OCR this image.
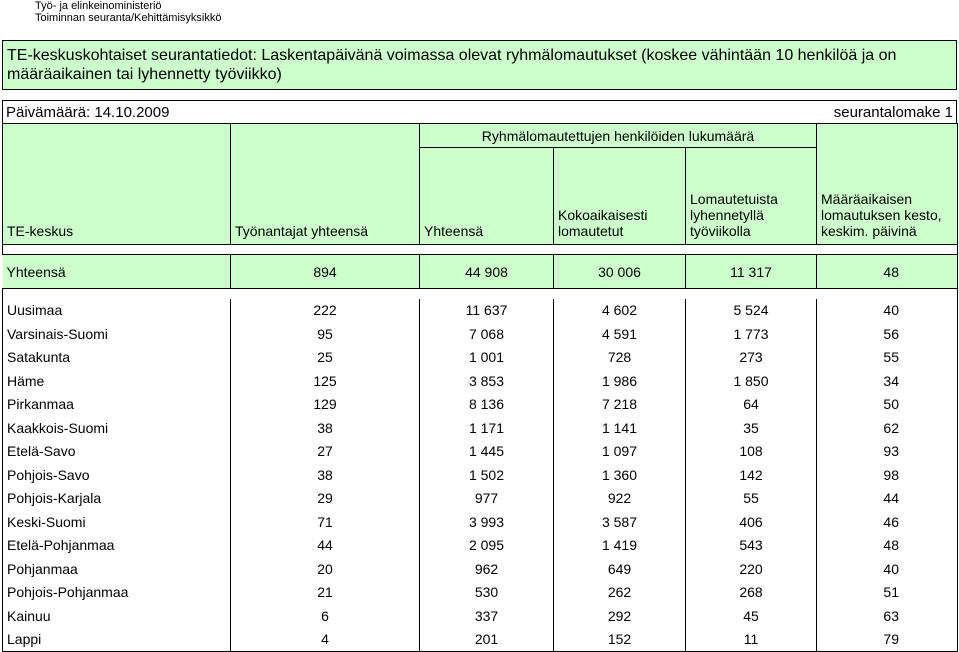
Työ- ja elinkeinoministeriö
Toiminnan seuranta/Kehittämisyksikkö
TE-keskuskohtaiset seurantatiedot: Laskentapäivänä voimassa olevat ryhmälomautukset (koskee vähintään 10 henkilöä ja on määräaikainen tai lyhennetty työviikko)
Päivämäärä: 14.10.2009	seurantalomake 1
TE-keskus	Työnantajat yhteensä	Ryhmälomautettujen henkilöiden lukumäärä			Määräaikaisen lomautuksen kesto, keskim. päivinä
		Yhteensä	Kokoaikaisesti lomautetut	Lomautetuista lyhennetyllä työviikolla	

Yhteensä	894	44 908	30 006	11 317	48

Uusimaa	222	11 637	4 602	5 524	40
Varsinais-Suomi	95	7 068	4 591	1 773	56
Satakunta	25	1 001	728	273	55
Häme	125	3 853	1 986	1 850	34
Pirkanmaa	129	8 136	7 218	64	50
Kaakkois-Suomi	38	1 171	1 141	35	62
Etelä-Savo	27	1 445	1 097	108	93
Pohjois-Savo	38	1 502	1 360	142	98
Pohjois-Karjala	29	977	922	55	44
Keski-Suomi	71	3 993	3 587	406	46
Etelä-Pohjanmaa	44	2 095	1 419	543	48
Pohjanmaa	20	962	649	220	40
Pohjois-Pohjanmaa	21	530	262	268	51
Kainuu	6	337	292	45	63
Lappi	4	201	152	11	79
